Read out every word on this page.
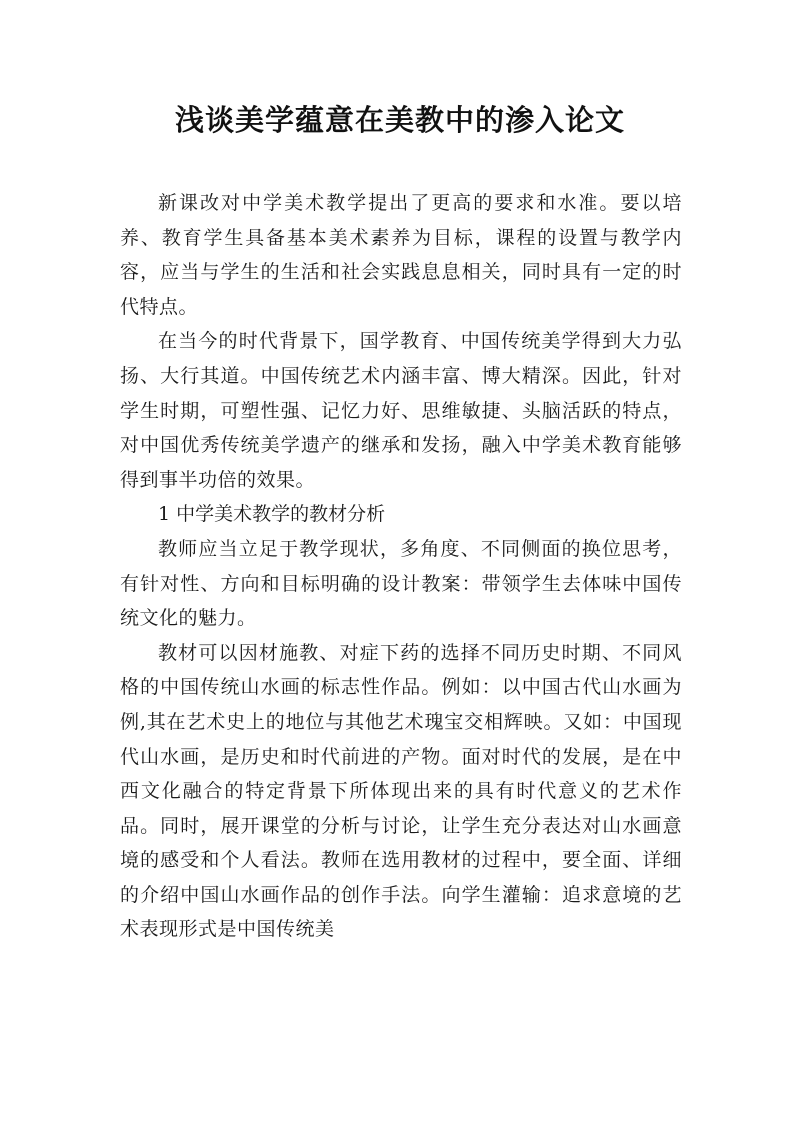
浅谈美学蕴意在美教中的渗入论文

新课改对中学美术教学提出了更高的要求和水准。要以培养、教育学生具备基本美术素养为目标，课程的设置与教学内容，应当与学生的生活和社会实践息息相关，同时具有一定的时代特点。

在当今的时代背景下，国学教育、中国传统美学得到大力弘扬、大行其道。中国传统艺术内涵丰富、博大精深。因此，针对学生时期，可塑性强、记忆力好、思维敏捷、头脑活跃的特点，对中国优秀传统美学遗产的继承和发扬，融入中学美术教育能够得到事半功倍的效果。

1 中学美术教学的教材分析

教师应当立足于教学现状，多角度、不同侧面的换位思考，有针对性、方向和目标明确的设计教案：带领学生去体味中国传统文化的魅力。

教材可以因材施教、对症下药的选择不同历史时期、不同风格的中国传统山水画的标志性作品。例如：以中国古代山水画为例,其在艺术史上的地位与其他艺术瑰宝交相辉映。又如：中国现代山水画，是历史和时代前进的产物。面对时代的发展，是在中西文化融合的特定背景下所体现出来的具有时代意义的艺术作品。同时，展开课堂的分析与讨论，让学生充分表达对山水画意境的感受和个人看法。教师在选用教材的过程中，要全面、详细的介绍中国山水画作品的创作手法。向学生灌输：追求意境的艺术表现形式是中国传统美
